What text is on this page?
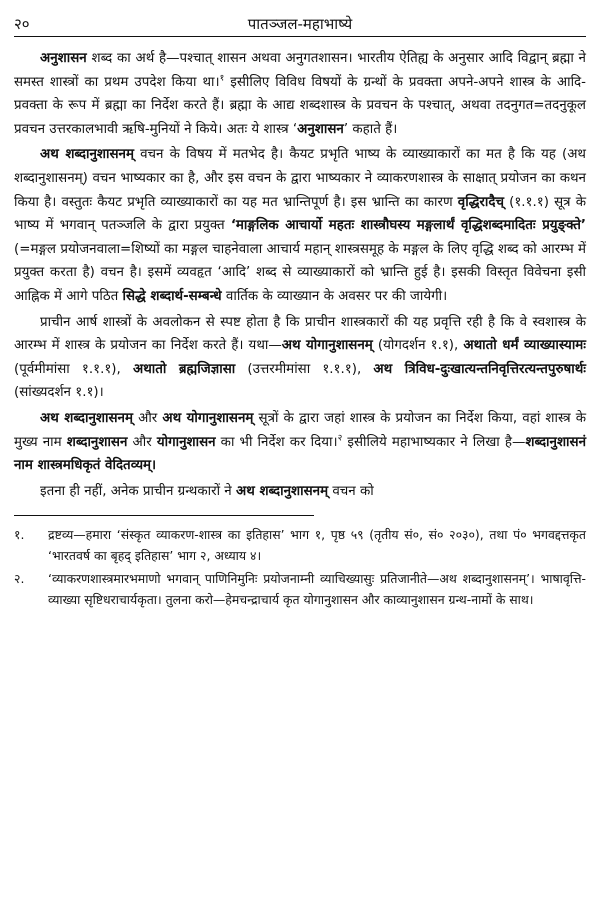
२०	पातञ्जल-महाभाष्ये

अनुशासन शब्द का अर्थ है—पश्चात् शासन अथवा अनुगतशासन। भारतीय ऐतिह्य के अनुसार आदि विद्वान् ब्रह्मा ने समस्त शास्त्रों का प्रथम उपदेश किया था।$^१$ इसीलिए विविध विषयों के ग्रन्थों के प्रवक्ता अपने-अपने शास्त्र के आदि-प्रवक्ता के रूप में ब्रह्मा का निर्देश करते हैं। ब्रह्मा के आद्य शब्दशास्त्र के प्रवचन के पश्चात्, अथवा तदनुगत=तदनुकूल प्रवचन उत्तरकालभावी ऋषि-मुनियों ने किये। अतः ये शास्त्र ‘अनुशासन’ कहाते हैं।

अथ शब्दानुशासनम् वचन के विषय में मतभेद है। कैयट प्रभृति भाष्य के व्याख्याकारों का मत है कि यह (अथ शब्दानुशासनम्) वचन भाष्यकार का है, और इस वचन के द्वारा भाष्यकार ने व्याकरणशास्त्र के साक्षात् प्रयोजन का कथन किया है। वस्तुतः कैयट प्रभृति व्याख्याकारों का यह मत भ्रान्तिपूर्ण है। इस भ्रान्ति का कारण वृद्धिरादैच् (१.१.१) सूत्र के भाष्य में भगवान् पतञ्जलि के द्वारा प्रयुक्त ‘माङ्गलिक आचार्यो महतः शास्त्रौघस्य मङ्गलार्थं वृद्धिशब्दमादितः प्रयुङ्क्ते’ (=मङ्गल प्रयोजनवाला=शिष्यों का मङ्गल चाहनेवाला आचार्य महान् शास्त्रसमूह के मङ्गल के लिए वृद्धि शब्द को आरम्भ में प्रयुक्त करता है) वचन है। इसमें व्यवहृत ‘आदि’ शब्द से व्याख्याकारों को भ्रान्ति हुई है। इसकी विस्तृत विवेचना इसी आह्निक में आगे पठित सिद्धे शब्दार्थ-सम्बन्धे वार्तिक के व्याख्यान के अवसर पर की जायेगी।

प्राचीन आर्ष शास्त्रों के अवलोकन से स्पष्ट होता है कि प्राचीन शास्त्रकारों की यह प्रवृत्ति रही है कि वे स्वशास्त्र के आरम्भ में शास्त्र के प्रयोजन का निर्देश करते हैं। यथा—अथ योगानुशासनम् (योगदर्शन १.१), अथातो धर्मं व्याख्यास्यामः (पूर्वमीमांसा १.१.१), अथातो ब्रह्मजिज्ञासा (उत्तरमीमांसा १.१.१), अथ त्रिविध-दुःखात्यन्तनिवृत्तिरत्यन्तपुरुषार्थः (सांख्यदर्शन १.१)।

अथ शब्दानुशासनम् और अथ योगानुशासनम् सूत्रों के द्वारा जहां शास्त्र के प्रयोजन का निर्देश किया, वहां शास्त्र के मुख्य नाम शब्दानुशासन और योगानुशासन का भी निर्देश कर दिया।$^२$ इसीलिये महाभाष्यकार ने लिखा है—शब्दानुशासनं नाम शास्त्रमधिकृतं वेदितव्यम्।

इतना ही नहीं, अनेक प्राचीन ग्रन्थकारों ने अथ शब्दानुशासनम् वचन को

१.	द्रष्टव्य—हमारा ‘संस्कृत व्याकरण-शास्त्र का इतिहास’ भाग १, पृष्ठ ५९ (तृतीय सं०, सं० २०३०), तथा पं० भगवद्दत्तकृत ‘भारतवर्ष का बृहद् इतिहास’ भाग २, अध्याय ४।
२.	‘व्याकरणशास्त्रमारभमाणो भगवान् पाणिनिमुनिः प्रयोजनाम्नी व्याचिख्यासुः प्रतिजानीते—अथ शब्दानुशासनम्’। भाषावृत्ति-व्याख्या सृष्टिधराचार्यकृता। तुलना करो—हेमचन्द्राचार्य कृत योगानुशासन और काव्यानुशासन ग्रन्थ-नामों के साथ।
